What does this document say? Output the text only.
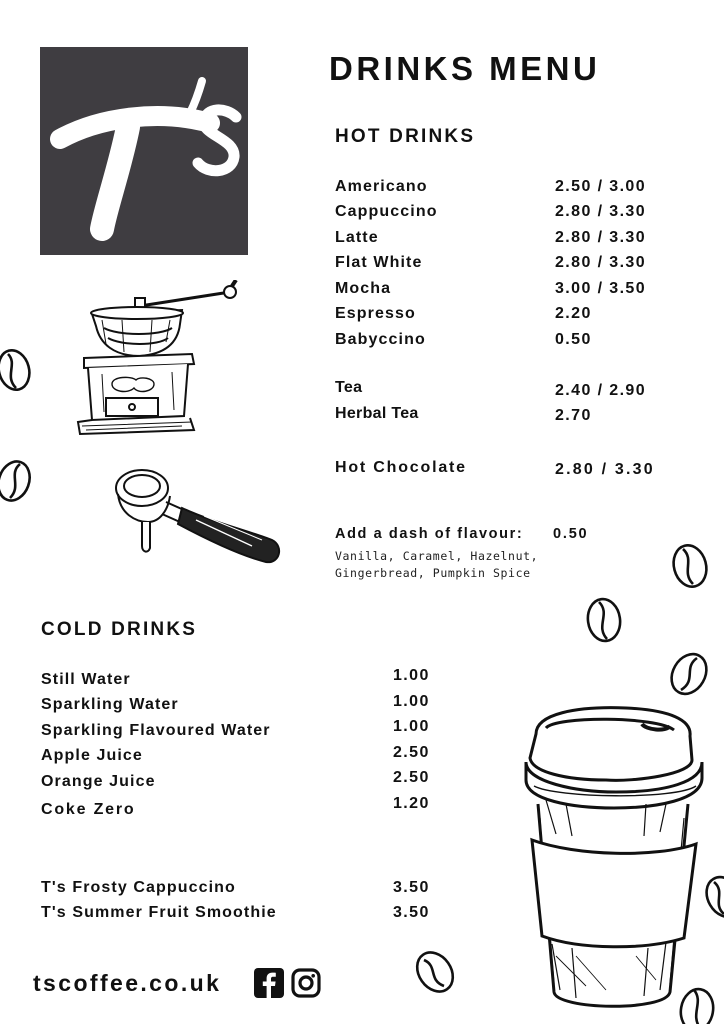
DRINKS MENU
HOT DRINKS
Americano	2.50 / 3.00
Cappuccino	2.80 / 3.30
Latte	2.80 / 3.30
Flat White	2.80 / 3.30
Mocha	3.00 / 3.50
Espresso	2.20
Babyccino	0.50
Tea	2.40 / 2.90
Herbal Tea	2.70
Hot Chocolate	2.80 / 3.30
Add a dash of flavour: 0.50
Vanilla, Caramel, Hazelnut,
Gingerbread, Pumpkin Spice
COLD DRINKS
Still Water	1.00
Sparkling Water	1.00
Sparkling Flavoured Water	1.00
Apple Juice	2.50
Orange Juice	2.50
Coke Zero	1.20
T's Frosty Cappuccino	3.50
T's Summer Fruit Smoothie	3.50
tscoffee.co.uk
